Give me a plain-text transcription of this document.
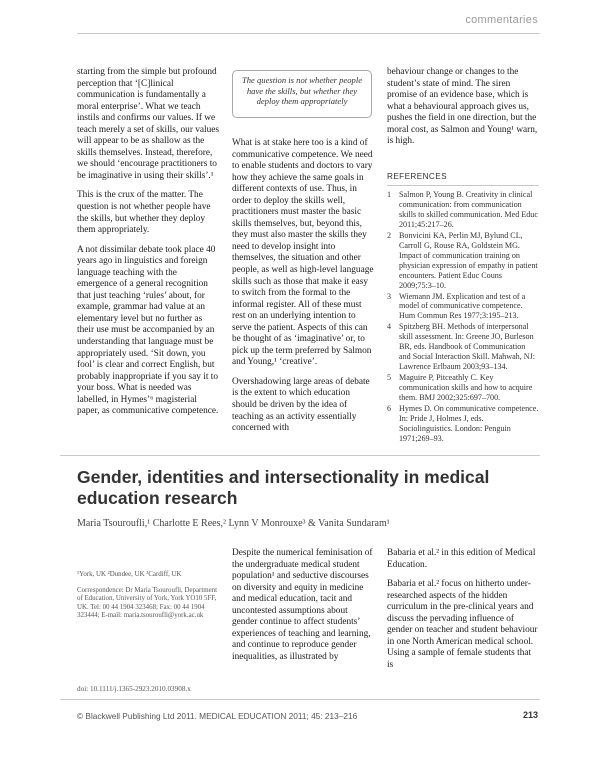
commentaries

starting from the simple but profound perception that ‘[C]linical communication is fundamentally a moral enterprise’. What we teach instils and confirms our values. If we teach merely a set of skills, our values will appear to be as shallow as the skills themselves. Instead, therefore, we should ‘encourage practitioners to be imaginative in using their skills’.¹

This is the crux of the matter. The question is not whether people have the skills, but whether they deploy them appropriately.

A not dissimilar debate took place 40 years ago in linguistics and foreign language teaching with the emergence of a general recognition that just teaching ‘rules’ about, for example, grammar had value at an elementary level but no further as their use must be accompanied by an understanding that language must be appropriately used. ‘Sit down, you fool’ is clear and correct English, but probably inappropriate if you say it to your boss. What is needed was labelled, in Hymes’⁶ magisterial paper, as communicative competence.

The question is not whether people have the skills, but whether they deploy them appropriately

What is at stake here too is a kind of communicative competence. We need to enable students and doctors to vary how they achieve the same goals in different contexts of use. Thus, in order to deploy the skills well, practitioners must master the basic skills themselves, but, beyond this, they must also master the skills they need to develop insight into themselves, the situation and other people, as well as high-level language skills such as those that make it easy to switch from the formal to the informal register. All of these must rest on an underlying intention to serve the patient. Aspects of this can be thought of as ‘imaginative’ or, to pick up the term preferred by Salmon and Young,¹ ‘creative’.

Overshadowing large areas of debate is the extent to which education should be driven by the idea of teaching as an activity essentially concerned with

behaviour change or changes to the student’s state of mind. The siren promise of an evidence base, which is what a behavioural approach gives us, pushes the field in one direction, but the moral cost, as Salmon and Young¹ warn, is high.

REFERENCES
1 Salmon P, Young B. Creativity in clinical communication: from communication skills to skilled communication. Med Educ 2011;45:217–26.
2 Bonvicini KA, Perlin MJ, Bylund CL, Carroll G, Rouse RA, Goldstein MG. Impact of communication training on physician expression of empathy in patient encounters. Patient Educ Couns 2009;75:3–10.
3 Wiemann JM. Explication and test of a model of communicative competence. Hum Commun Res 1977;3:195–213.
4 Spitzberg BH. Methods of interpersonal skill assessment. In: Greene JO, Burleson BR, eds. Handbook of Communication and Social Interaction Skill. Mahwah, NJ: Lawrence Erlbaum 2003;93–134.
5 Maguire P, Pitceathly C. Key communication skills and how to acquire them. BMJ 2002;325:697–700.
6 Hymes D. On communicative competence. In: Pride J, Holmes J, eds. Sociolinguistics. London: Penguin 1971;269–93.
Gender, identities and intersectionality in medical education research
Maria Tsouroufli,¹ Charlotte E Rees,² Lynn V Monrouxe³ & Vanita Sundaram¹

¹York, UK ²Dundee, UK ³Cardiff, UK

Correspondence: Dr Maria Tsouroufli, Department of Education, University of York, York YO10 5FF, UK. Tel: 00 44 1904 323468; Fax: 00 44 1904 323444; E-mail: maria.tsouroufli@york.ac.uk

doi: 10.1111/j.1365-2923.2010.03908.x

Despite the numerical feminisation of the undergraduate medical student population¹ and seductive discourses on diversity and equity in medicine and medical education, tacit and uncontested assumptions about gender continue to affect students’ experiences of teaching and learning, and continue to reproduce gender inequalities, as illustrated by

Babaria et al.² in this edition of Medical Education.

Babaria et al.² focus on hitherto under-researched aspects of the hidden curriculum in the pre-clinical years and discuss the pervading influence of gender on teacher and student behaviour in one North American medical school. Using a sample of female students that is

© Blackwell Publishing Ltd 2011. MEDICAL EDUCATION 2011; 45: 213–216	213
